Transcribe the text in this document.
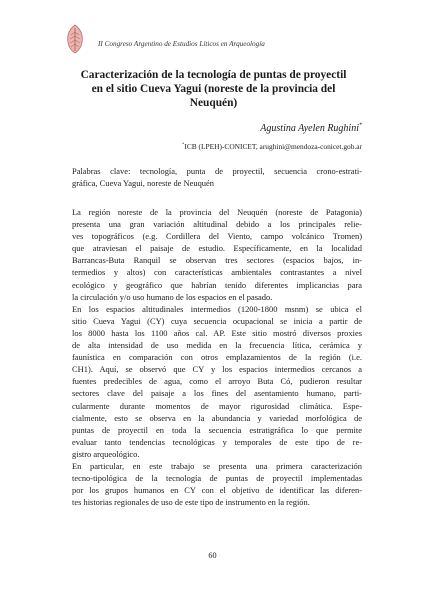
II Congreso Argentino de Estudios Líticos en Arqueología
Caracterización de la tecnología de puntas de proyectil
en el sitio Cueva Yagui (noreste de la provincia del
Neuquén)
Agustina Ayelen Rughini*
*ICB (LPEH)-CONICET, arughini@mendoza-conicet.gob.ar
Palabras clave: tecnología, punta de proyectil, secuencia crono-estrati-
gráfica, Cueva Yagui, noreste de Neuquén
La región noreste de la provincia del Neuquén (noreste de Patagonia)
presenta una gran variación altitudinal debido a los principales relie-
ves topográficos (e.g. Cordillera del Viento, campo volcánico Tromen)
que atraviesan el paisaje de estudio. Específicamente, en la localidad
Barrancas-Buta Ranquil se observan tres sectores (espacios bajos, in-
termedios y altos) con características ambientales contrastantes a nivel
ecológico y geográfico que habrían tenido diferentes implicancias para
la circulación y/o uso humano de los espacios en el pasado.
En los espacios altitudinales intermedios (1200-1800 msnm) se ubica el
sitio Cueva Yagui (CY) cuya secuencia ocupacional se inicia a partir de
los 8000 hasta los 1100 años cal. AP. Este sitio mostró diversos proxies
de alta intensidad de uso medida en la frecuencia lítica, cerámica y
faunística en comparación con otros emplazamientos de la región (i.e.
CH1). Aquí, se observó que CY y los espacios intermedios cercanos a
fuentes predecibles de agua, como el arroyo Buta Có, pudieron resultar
sectores clave del paisaje a los fines del asentamiento humano, parti-
cularmente durante momentos de mayor rigurosidad climática. Espe-
cialmente, esto se observa en la abundancia y variedad morfológica de
puntas de proyectil en toda la secuencia estratigráfica lo que permite
evaluar tanto tendencias tecnológicas y temporales de este tipo de re-
gistro arqueológico.
En particular, en este trabajo se presenta una primera caracterización
tecno-tipológica de la tecnología de puntas de proyectil implementadas
por los grupos humanos en CY con el objetivo de identificar las diferen-
tes historias regionales de uso de este tipo de instrumento en la región.
60
